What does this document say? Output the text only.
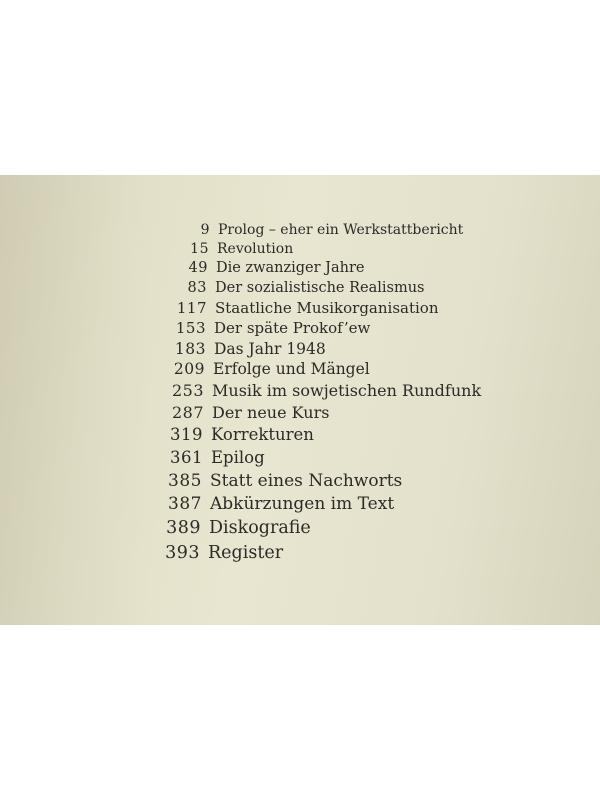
9 Prolog – eher ein Werkstattbericht
15 Revolution
49 Die zwanziger Jahre
83 Der sozialistische Realismus
117 Staatliche Musikorganisation
153 Der späte Prokof’ew
183 Das Jahr 1948
209 Erfolge und Mängel
253 Musik im sowjetischen Rundfunk
287 Der neue Kurs
319 Korrekturen
361 Epilog
385 Statt eines Nachworts
387 Abkürzungen im Text
389 Diskografie
393 Register
